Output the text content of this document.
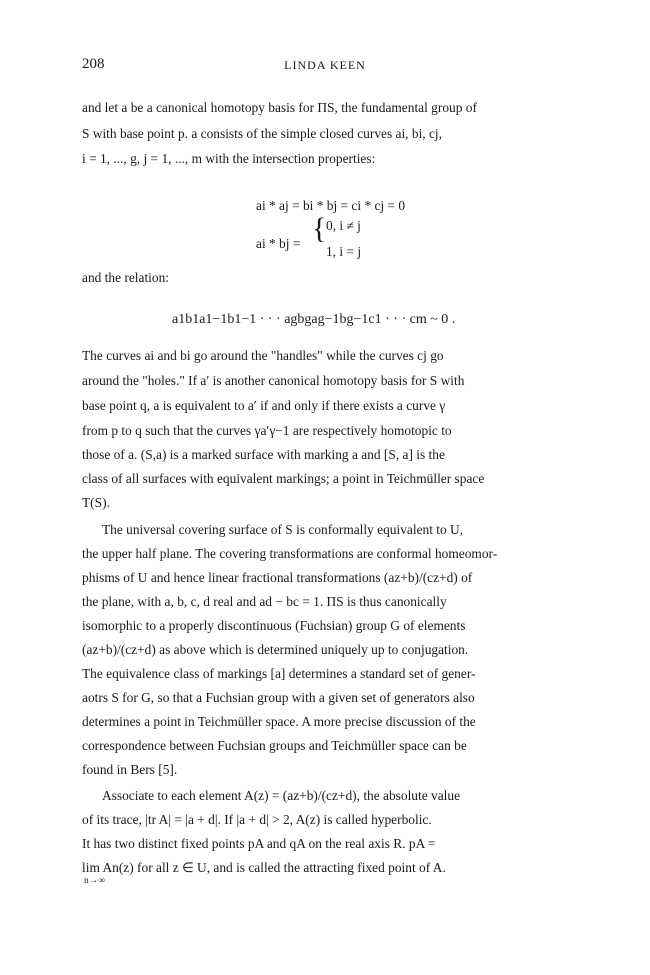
208	LINDA KEEN
and let a be a canonical homotopy basis for ΠS, the fundamental group of
S with base point p. a consists of the simple closed curves ai, bi, cj,
i = 1, ..., g, j = 1, ..., m with the intersection properties:
ai * aj = bi * bj = ci * cj = 0
ai * bj = { 0, i ≠ j
1, i = j
and the relation:
a1b1a1−1b1−1 · · · agbgag−1bg−1c1 · · · cm ~ 0 .
The curves ai and bi go around the "handles" while the curves cj go
around the "holes." If a′ is another canonical homotopy basis for S with
base point q, a is equivalent to a′ if and only if there exists a curve γ
from p to q such that the curves γa′γ−1 are respectively homotopic to
those of a. (S,a) is a marked surface with marking a and [S, a] is the
class of all surfaces with equivalent markings; a point in Teichmüller space
T(S).
The universal covering surface of S is conformally equivalent to U,
the upper half plane. The covering transformations are conformal homeomor-
phisms of U and hence linear fractional transformations (az+b)/(cz+d) of
the plane, with a, b, c, d real and ad − bc = 1. ΠS is thus canonically
isomorphic to a properly discontinuous (Fuchsian) group G of elements
(az+b)/(cz+d) as above which is determined uniquely up to conjugation.
The equivalence class of markings [a] determines a standard set of gener-
aotrs S for G, so that a Fuchsian group with a given set of generators also
determines a point in Teichmüller space. A more precise discussion of the
correspondence between Fuchsian groups and Teichmüller space can be
found in Bers [5].
Associate to each element A(z) = (az+b)/(cz+d), the absolute value
of its trace, |tr A| = |a + d|. If |a + d| > 2, A(z) is called hyperbolic.
It has two distinct fixed points pA and qA on the real axis R. pA =
lim An(z) for all z ∈ U, and is called the attracting fixed point of A.
n→∞
